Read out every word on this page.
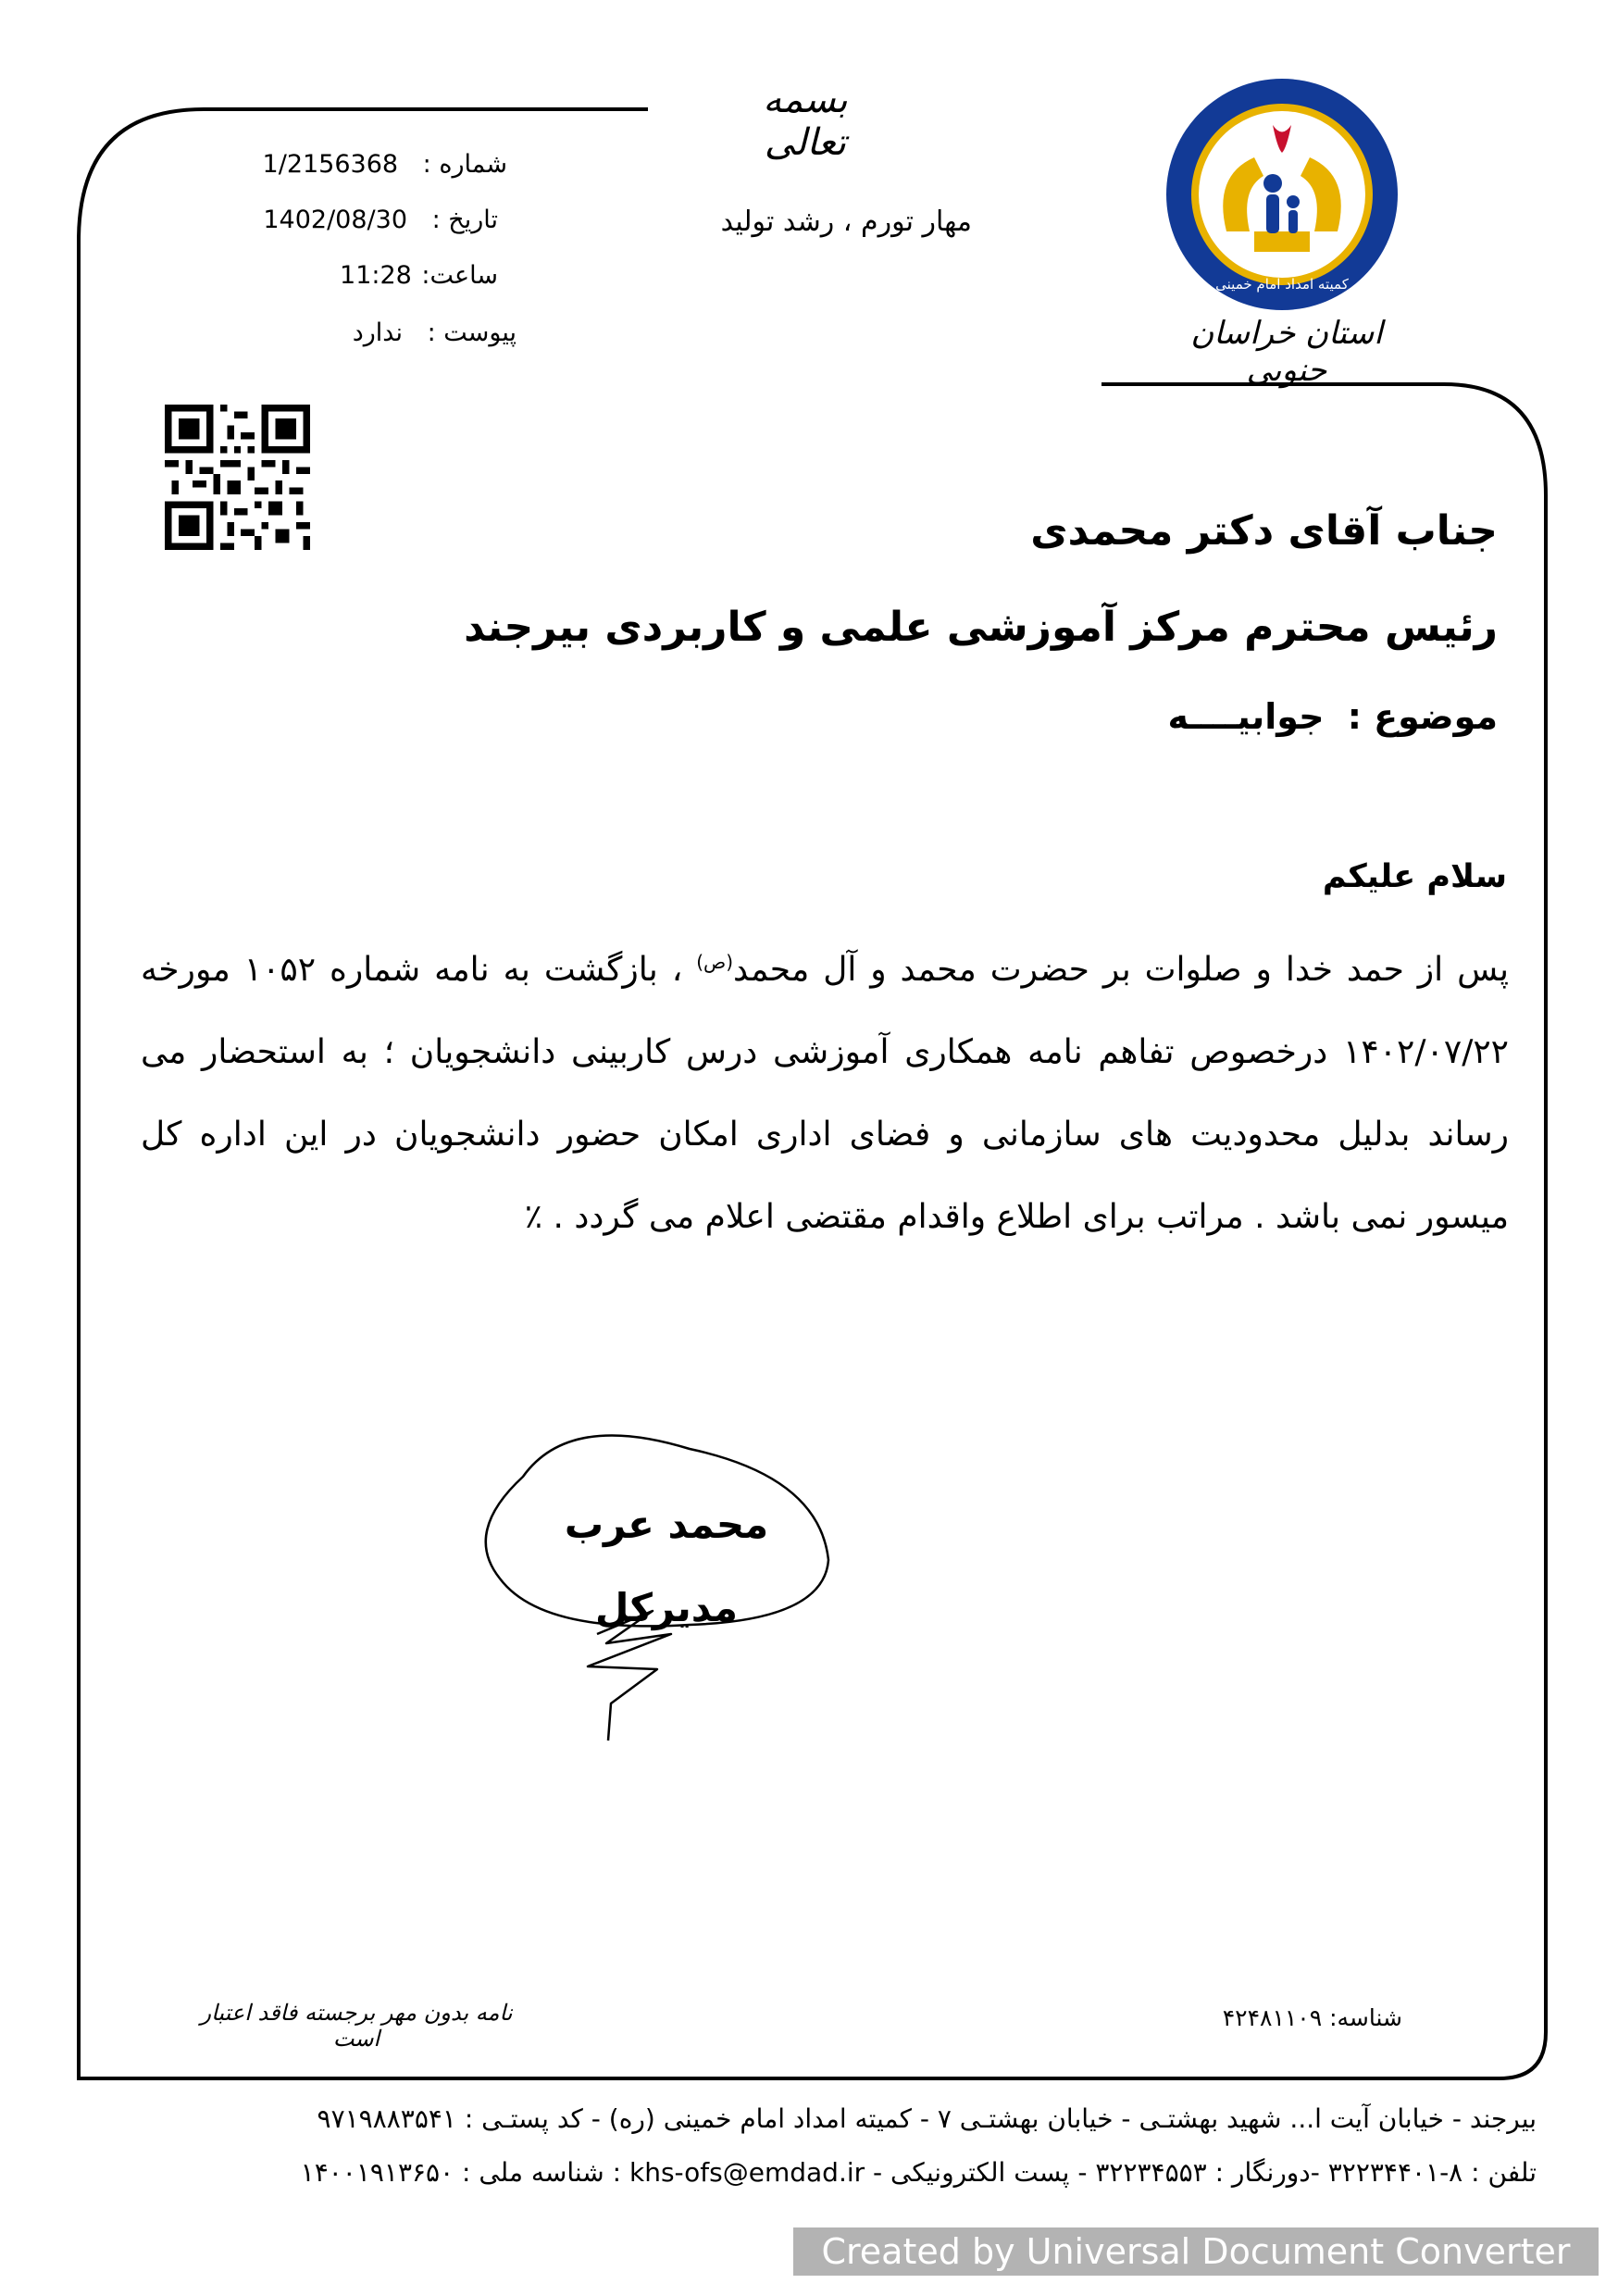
بسمه تعالی
شماره : 1/2156368
تاریخ : 1402/08/30
ساعت: 11:28
پیوست : ندارد
مهار تورم ، رشد تولید
کمیته امداد امام خمینی
استان خراسان جنوبی
جناب آقای دکتر محمدی
رئیس محترم مرکز آموزشی علمی و کاربردی بیرجند
موضوع : جوابیــــه
سلام علیکم
پس از حمد خدا و صلوات بر حضرت محمد و آل محمد$^{(ص)}$ ، بازگشت به نامه شماره ۱۰۵۲ مورخه ۱۴۰۲/۰۷/۲۲ درخصوص تفاهم نامه همکاری آموزشی درس کاربینی دانشجویان ؛ به استحضار می رساند بدلیل محدودیت های سازمانی و فضای اداری امکان حضور دانشجویان در این اداره کل میسور نمی باشد . مراتب برای اطلاع واقدام مقتضی اعلام می گردد . ٪
محمد عرب
مدیرکل
نامه بدون مهر برجسته فاقد اعتبار است
شناسه: ۴۲۴۸۱۱۰۹
بیرجند - خیابان آیت ا... شهید بهشتـی - خیابان بهشتـی ۷ - کمیته امداد امام خمینی (ره) - کد پستـی : ۹۷۱۹۸۸۳۵۴۱
تلفن : ۸-۳۲۲۳۴۴۰۱ -دورنگار : ۳۲۲۳۴۵۵۳ - پست الکترونیکی - khs-ofs@emdad.ir : شناسه ملی : ۱۴۰۰۱۹۱۳۶۵۰
Created by Universal Document Converter
